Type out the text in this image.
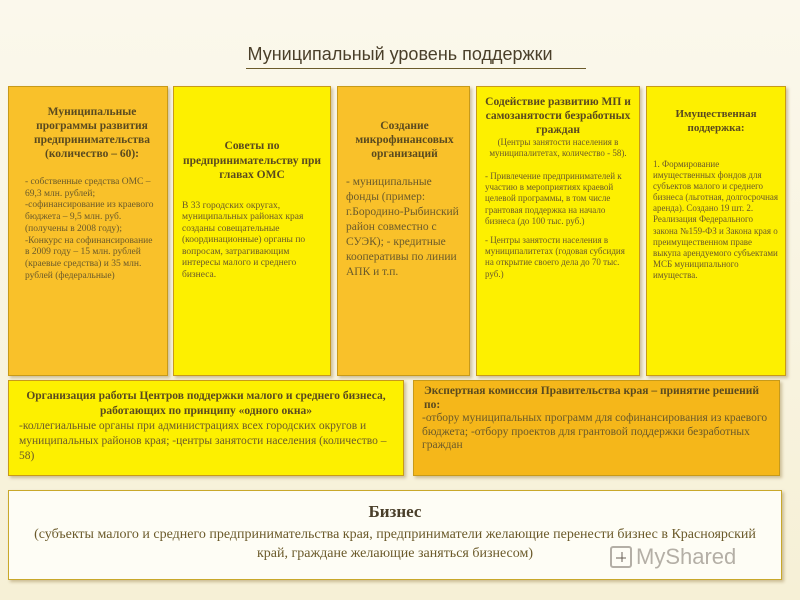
Муниципальный уровень поддержки
Муниципальные программы развития предпринимательства (количество – 60):
- собственные средства ОМС – 69,3 млн. рублей; -софинансирование из краевого бюджета – 9,5 млн. руб. (получены в 2008 году); -Конкурс на софинансирование в 2009 году – 15 млн. рублей (краевые средства) и 35 млн. рублей (федеральные)
Советы по предпринимательству при главах ОМС
В 33 городских округах, муниципальных районах края созданы совещательные (координационные) органы по вопросам, затрагивающим интересы малого и среднего бизнеса.
Создание микрофинансовых организаций
- муниципальные фонды (пример: г.Бородино-Рыбинский район совместно с СУЭК); - кредитные кооперативы по линии АПК и т.п.
Содействие развитию МП и самозанятости безработных граждан
(Центры занятости населения в муниципалитетах, количество - 58).
- Привлечение предпринимателей к участию в мероприятиях краевой целевой программы, в том числе грантовая поддержка на начало бизнеса (до 100 тыс. руб.)
- Центры занятости населения в муниципалитетах (годовая субсидия на открытие своего дела до 70 тыс. руб.)
Имущественная поддержка:
1. Формирование имущественных фондов для субъектов малого и среднего бизнеса (льготная, долгосрочная аренда). Создано 19 шт. 2. Реализация Федерального закона №159-ФЗ и Закона края о преимущественном праве выкупа арендуемого субъектами МСБ муниципального имущества.
Организация работы Центров поддержки малого и среднего бизнеса, работающих по принципу «одного окна»
-коллегиальные органы при администрациях всех городских округов и муниципальных районов края; -центры занятости населения (количество – 58)
Экспертная комиссия Правительства края – принятие решений по:
-отбору муниципальных программ для софинансирования из краевого бюджета; -отбору проектов для грантовой поддержки безработных граждан
Бизнес
(субъекты малого и среднего предпринимательства края, предприниматели желающие перенести бизнес в Красноярский край, граждане желающие заняться бизнесом)	MyShared
